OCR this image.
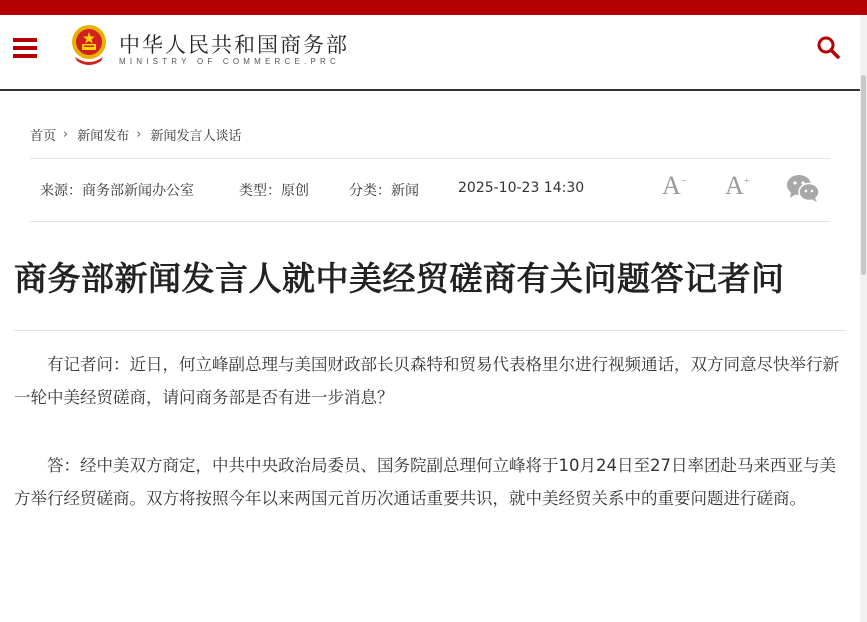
中华人民共和国商务部
MINISTRY OF COMMERCE.PRC
首页 › 新闻发布 › 新闻发言人谈话
来源：商务部新闻办公室	类型：原创	分类：新闻	2025-10-23 14:30	A− A+
商务部新闻发言人就中美经贸磋商有关问题答记者问

有记者问：近日，何立峰副总理与美国财政部长贝森特和贸易代表格里尔进行视频通话，双方同意尽快举行新一轮中美经贸磋商，请问商务部是否有进一步消息？

答：经中美双方商定，中共中央政治局委员、国务院副总理何立峰将于10月24日至27日率团赴马来西亚与美方举行经贸磋商。双方将按照今年以来两国元首历次通话重要共识，就中美经贸关系中的重要问题进行磋商。
